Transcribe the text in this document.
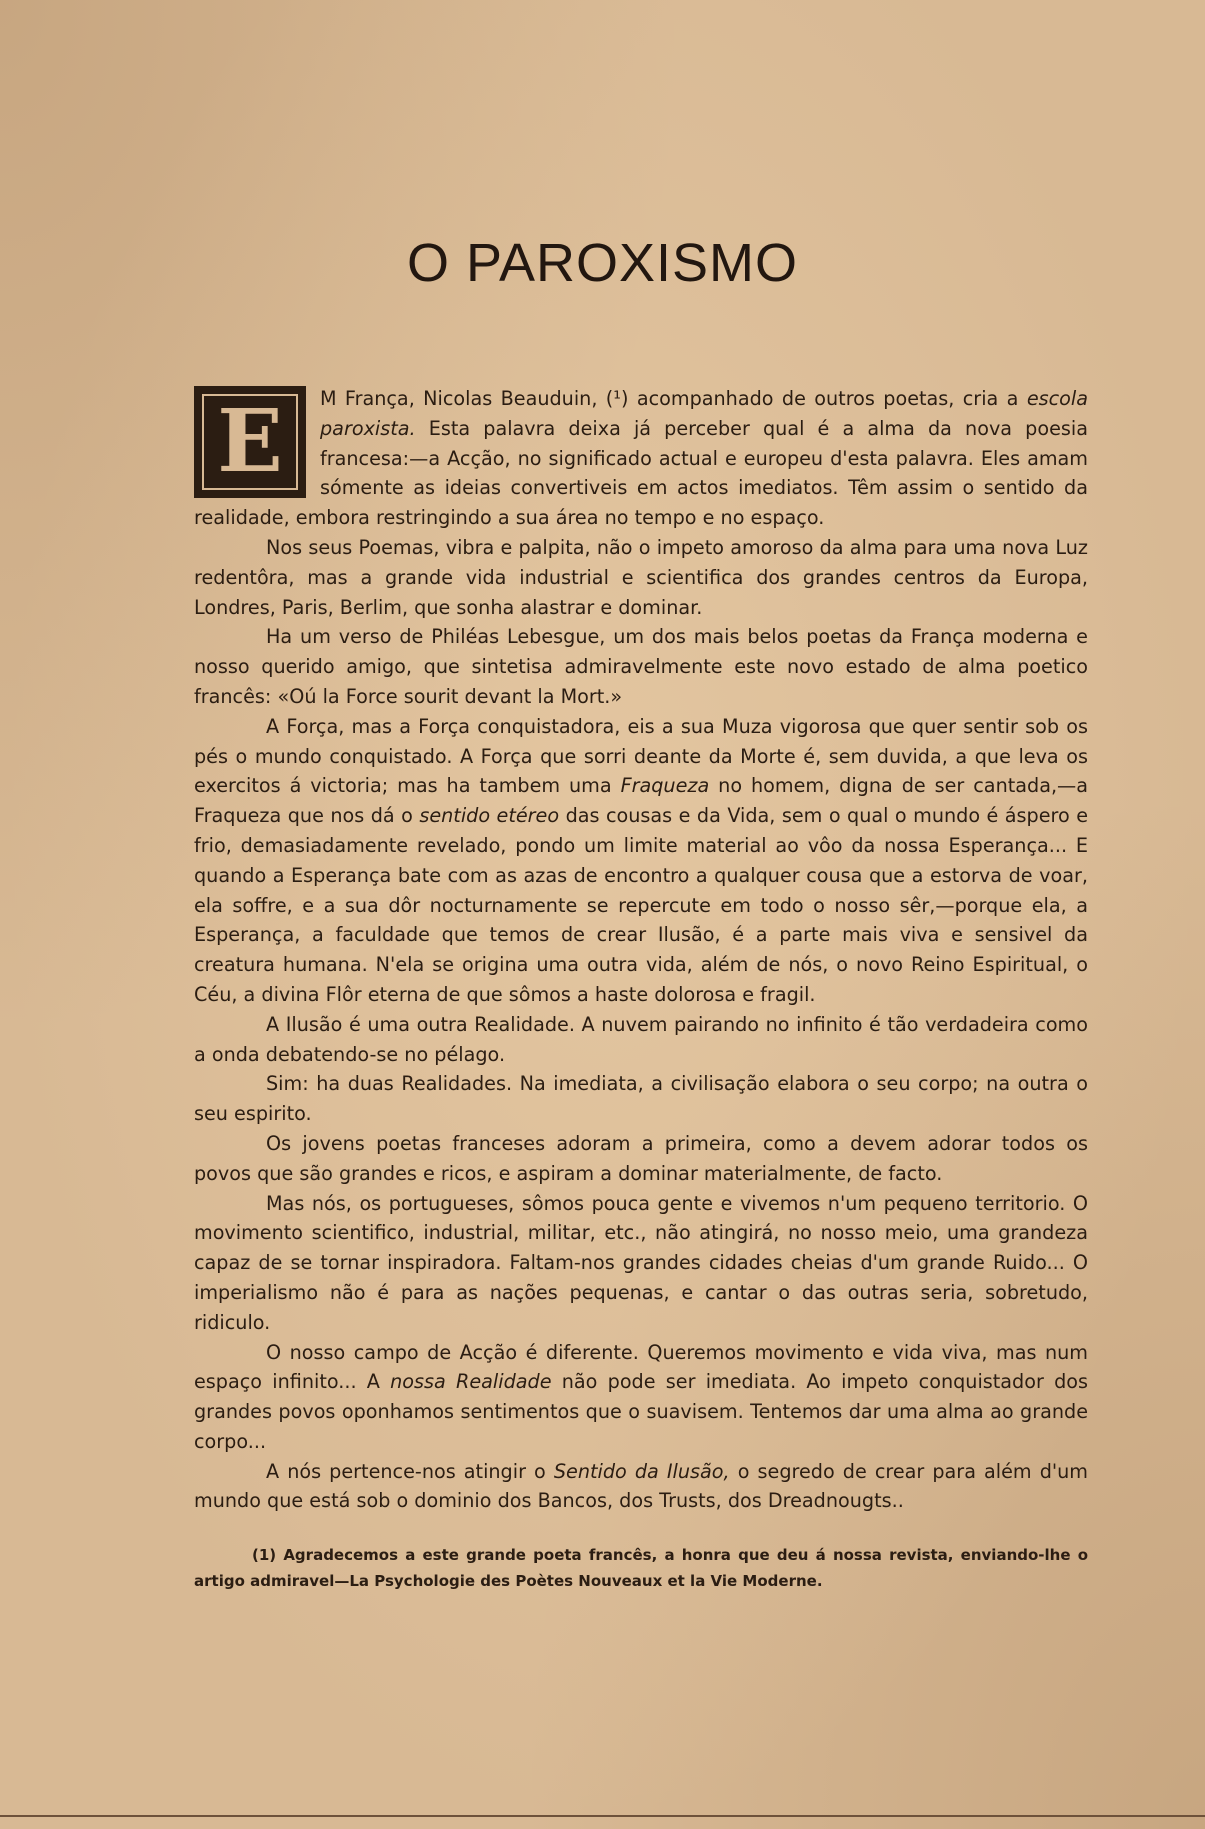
O PAROXISMO

E	M França, Nicolas Beauduin, (¹) acompanhado de outros poetas, cria a escola paroxista. Esta palavra deixa já perceber qual é a alma da nova poesia francesa:—a Acção, no significado actual e europeu d'esta palavra. Eles amam sómente as ideias convertiveis em actos imediatos. Têm assim o sentido da realidade, embora restringindo a sua área no tempo e no espaço.

Nos seus Poemas, vibra e palpita, não o impeto amoroso da alma para uma nova Luz redentôra, mas a grande vida industrial e scientifica dos grandes centros da Europa, Londres, Paris, Berlim, que sonha alastrar e dominar.

Ha um verso de Philéas Lebesgue, um dos mais belos poetas da França moderna e nosso querido amigo, que sintetisa admiravelmente este novo estado de alma poetico francês: «Oú la Force sourit devant la Mort.»

A Força, mas a Força conquistadora, eis a sua Muza vigorosa que quer sentir sob os pés o mundo conquistado. A Força que sorri deante da Morte é, sem duvida, a que leva os exercitos á victoria; mas ha tambem uma Fraqueza no homem, digna de ser cantada,—a Fraqueza que nos dá o sentido etéreo das cousas e da Vida, sem o qual o mundo é áspero e frio, demasiadamente revelado, pondo um limite material ao vôo da nossa Esperança... E quando a Esperança bate com as azas de encontro a qualquer cousa que a estorva de voar, ela soffre, e a sua dôr nocturnamente se repercute em todo o nosso sêr,—porque ela, a Esperança, a faculdade que temos de crear Ilusão, é a parte mais viva e sensivel da creatura humana. N'ela se origina uma outra vida, além de nós, o novo Reino Espiritual, o Céu, a divina Flôr eterna de que sômos a haste dolorosa e fragil.

A Ilusão é uma outra Realidade. A nuvem pairando no infinito é tão verdadeira como a onda debatendo-se no pélago.

Sim: ha duas Realidades. Na imediata, a civilisação elabora o seu corpo; na outra o seu espirito.

Os jovens poetas franceses adoram a primeira, como a devem adorar todos os povos que são grandes e ricos, e aspiram a dominar materialmente, de facto.

Mas nós, os portugueses, sômos pouca gente e vivemos n'um pequeno territorio. O movimento scientifico, industrial, militar, etc., não atingirá, no nosso meio, uma grandeza capaz de se tornar inspiradora. Faltam-nos grandes cidades cheias d'um grande Ruido... O imperialismo não é para as nações pequenas, e cantar o das outras seria, sobretudo, ridiculo.

O nosso campo de Acção é diferente. Queremos movimento e vida viva, mas num espaço infinito... A nossa Realidade não pode ser imediata. Ao impeto conquistador dos grandes povos oponhamos sentimentos que o suavisem. Tentemos dar uma alma ao grande corpo...

A nós pertence-nos atingir o Sentido da Ilusão, o segredo de crear para além d'um mundo que está sob o dominio dos Bancos, dos Trusts, dos Dreadnougts..

(1) Agradecemos a este grande poeta francês, a honra que deu á nossa revista, enviando-lhe o artigo admiravel—La Psychologie des Poètes Nouveaux et la Vie Moderne.
